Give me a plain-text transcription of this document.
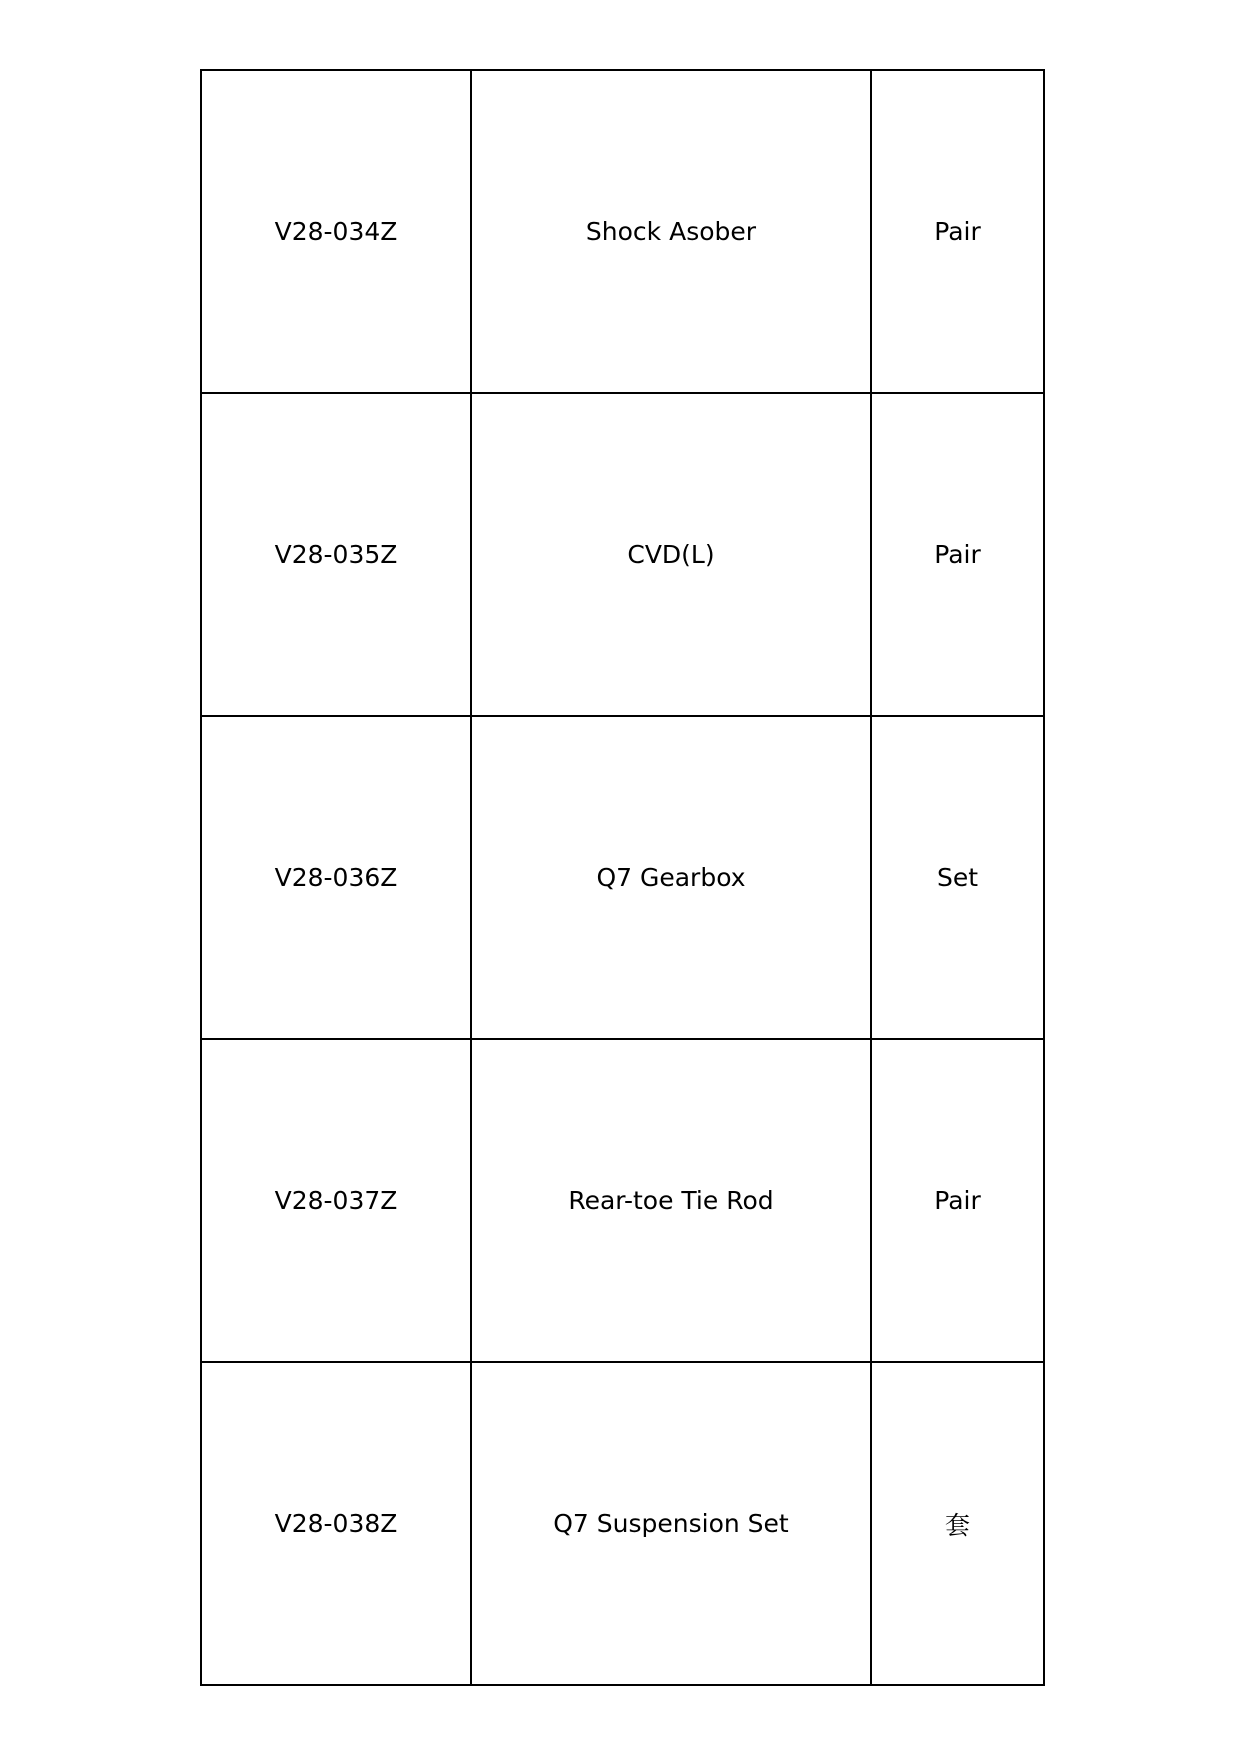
V28-034Z	Shock Asober	Pair
V28-035Z	CVD(L)	Pair
V28-036Z	Q7 Gearbox	Set
V28-037Z	Rear-toe Tie Rod	Pair
V28-038Z	Q7 Suspension Set	套
